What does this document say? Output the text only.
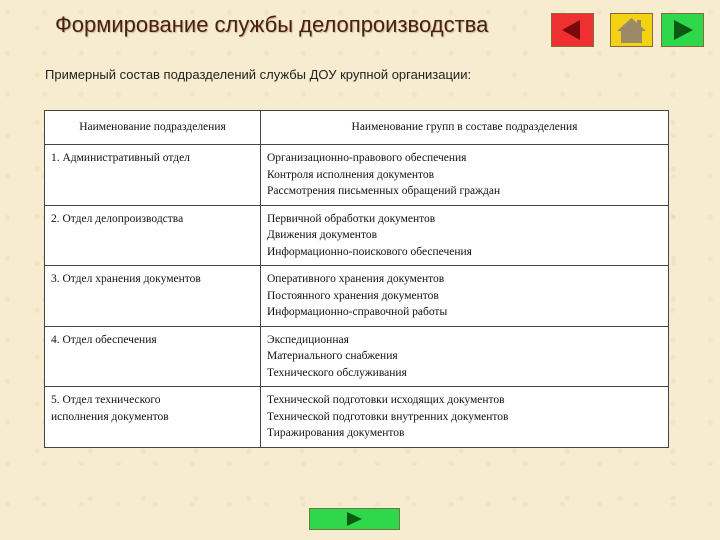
Формирование службы делопроизводства
Примерный состав подразделений службы ДОУ крупной организации:
Наименование подразделения	Наименование групп в составе подразделения

1. Административный отдел	Организационно-правового обеспечения
Контроля исполнения документов
Рассмотрения письменных обращений граждан

2. Отдел делопроизводства	Первичной обработки документов
Движения документов
Информационно-поискового обеспечения

3. Отдел хранения документов	Оперативного хранения документов
Постоянного хранения документов
Информационно-справочной работы

4. Отдел обеспечения	Экспедиционная
Материального снабжения
Технического обслуживания

5. Отдел технического
исполнения документов	Технической подготовки исходящих документов
Технической подготовки внутренних документов
Тиражирования документов
